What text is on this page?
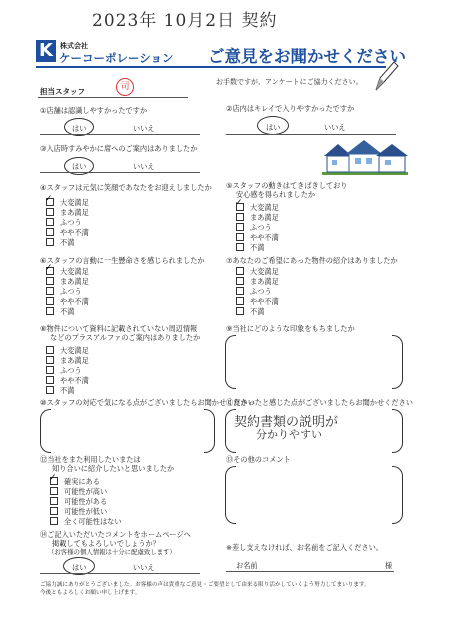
2023年 10月2日 契約
K	株式会社
ケーコーポレーション ご意見をお聞かせください
担当スタッフ	司	お手数ですが、アンケートにご協力ください。
①店舗は認識しやすかったですか
はい	いいえ
②店内はキレイで入りやすかったですか
はい	いいえ
③入店時すみやかに席へのご案内はありましたか
はい	いいえ
④スタッフは元気に笑顔であなたをお迎えしましたか
大変満足
まあ満足
ふつう
やや不満
不満
✓
⑤スタッフの動きはてきぱきしており
安心感を得られましたか
大変満足
まあ満足
ふつう
やや不満
不満
✓
⑥スタッフの言動に一生懸命さを感じられましたか
大変満足
まあ満足
ふつう
やや不満
不満
✓
⑦あなたのご希望にあった物件の紹介はありましたか
大変満足
まあ満足
ふつう
やや不満
不満
⑧物件について資料に記載されていない周辺情報
などのプラスアルファのご案内はありましたか
大変満足
まあ満足
ふつう
やや不満
不満
⑨当社にどのような印象をもちましたか
⑩スタッフの対応で気になる点がございましたらお聞かせください
⑪良かったと感じた点がございましたらお聞かせください
契約書類の説明が
分かりやすい
⑫当社をまた利用したいまたは
知り合いに紹介したいと思いましたか
確実にある
可能性が高い
可能性がある
可能性が低い
全く可能性はない
✓
⑬その他のコメント
⑭ご記入いただいたコメントをホームページへ
掲載してもよろしいでしょうか？
（お客様の個人情報は十分に配慮致します）
はい	いいえ
※差し支えなければ、お名前をご記入ください。
お名前	様
ご協力誠にありがとうございました。お客様の声は貴重なご意見・ご要望として由来る限り活かしていくよう努力してまいります。
今後ともよろしくお願い申し上げます。
